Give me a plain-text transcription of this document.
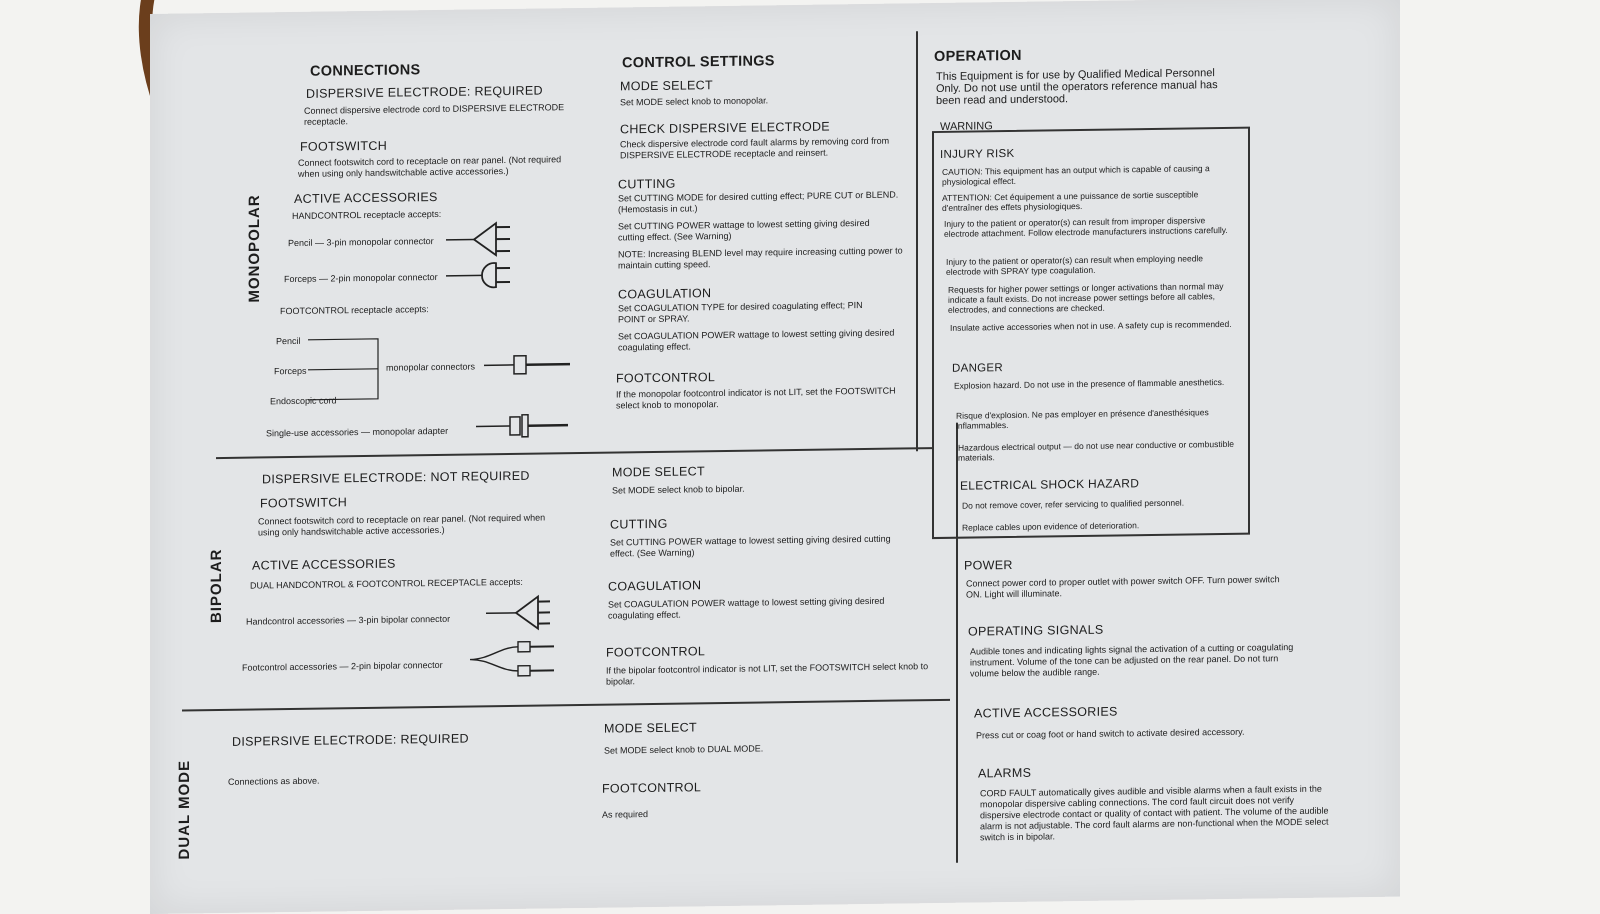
MONOPOLAR
CONNECTIONS
DISPERSIVE ELECTRODE: REQUIRED
Connect dispersive electrode cord to DISPERSIVE ELECTRODE receptacle.
FOOTSWITCH
Connect footswitch cord to receptacle on rear panel. (Not required when using only handswitchable active accessories.)
ACTIVE ACCESSORIES
HANDCONTROL receptacle accepts:
Pencil — 3-pin monopolar connector
Forceps — 2-pin monopolar connector
FOOTCONTROL receptacle accepts:
Pencil
Forceps
Endoscopic cord
monopolar connectors
Single-use accessories — monopolar adapter
CONTROL SETTINGS
MODE SELECT
Set MODE select knob to monopolar.
CHECK DISPERSIVE ELECTRODE
Check dispersive electrode cord fault alarms by removing cord from DISPERSIVE ELECTRODE receptacle and reinsert.
CUTTING
Set CUTTING MODE for desired cutting effect; PURE CUT or BLEND. (Hemostasis in cut.)
Set CUTTING POWER wattage to lowest setting giving desired cutting effect. (See Warning)
NOTE: Increasing BLEND level may require increasing cutting power to maintain cutting speed.
COAGULATION
Set COAGULATION TYPE for desired coagulating effect; PIN POINT or SPRAY.
Set COAGULATION POWER wattage to lowest setting giving desired coagulating effect.
FOOTCONTROL
If the monopolar footcontrol indicator is not LIT, set the FOOTSWITCH select knob to monopolar.
BIPOLAR
DISPERSIVE ELECTRODE: NOT REQUIRED
FOOTSWITCH
Connect footswitch cord to receptacle on rear panel. (Not required when using only handswitchable active accessories.)
ACTIVE ACCESSORIES
DUAL HANDCONTROL & FOOTCONTROL RECEPTACLE accepts:
Handcontrol accessories — 3-pin bipolar connector
Footcontrol accessories — 2-pin bipolar connector
MODE SELECT
Set MODE select knob to bipolar.
CUTTING
Set CUTTING POWER wattage to lowest setting giving desired cutting effect. (See Warning)
COAGULATION
Set COAGULATION POWER wattage to lowest setting giving desired coagulating effect.
FOOTCONTROL
If the bipolar footcontrol indicator is not LIT, set the FOOTSWITCH select knob to bipolar.
DUAL MODE
DISPERSIVE ELECTRODE: REQUIRED
Connections as above.
MODE SELECT
Set MODE select knob to DUAL MODE.
FOOTCONTROL
As required
OPERATION
This Equipment is for use by Qualified Medical Personnel Only. Do not use until the operators reference manual has been read and understood.
WARNING
INJURY RISK
CAUTION: This equipment has an output which is capable of causing a physiological effect.
ATTENTION: Cet équipement a une puissance de sortie susceptible d'entraîner des effets physiologiques.
Injury to the patient or operator(s) can result from improper dispersive electrode attachment. Follow electrode manufacturers instructions carefully.
Injury to the patient or operator(s) can result when employing needle electrode with SPRAY type coagulation.
Requests for higher power settings or longer activations than normal may indicate a fault exists. Do not increase power settings before all cables, electrodes, and connections are checked.
Insulate active accessories when not in use. A safety cup is recommended.
DANGER
Explosion hazard. Do not use in the presence of flammable anesthetics.
Risque d'explosion. Ne pas employer en présence d'anesthésiques inflammables.
Hazardous electrical output — do not use near conductive or combustible materials.
ELECTRICAL SHOCK HAZARD
Do not remove cover, refer servicing to qualified personnel.
Replace cables upon evidence of deterioration.
POWER
Connect power cord to proper outlet with power switch OFF. Turn power switch ON. Light will illuminate.
OPERATING SIGNALS
Audible tones and indicating lights signal the activation of a cutting or coagulating instrument. Volume of the tone can be adjusted on the rear panel. Do not turn volume below the audible range.
ACTIVE ACCESSORIES
Press cut or coag foot or hand switch to activate desired accessory.
ALARMS
CORD FAULT automatically gives audible and visible alarms when a fault exists in the monopolar dispersive cabling connections. The cord fault circuit does not verify dispersive electrode contact or quality of contact with patient. The volume of the audible alarm is not adjustable. The cord fault alarms are non-functional when the MODE select switch is in bipolar.
